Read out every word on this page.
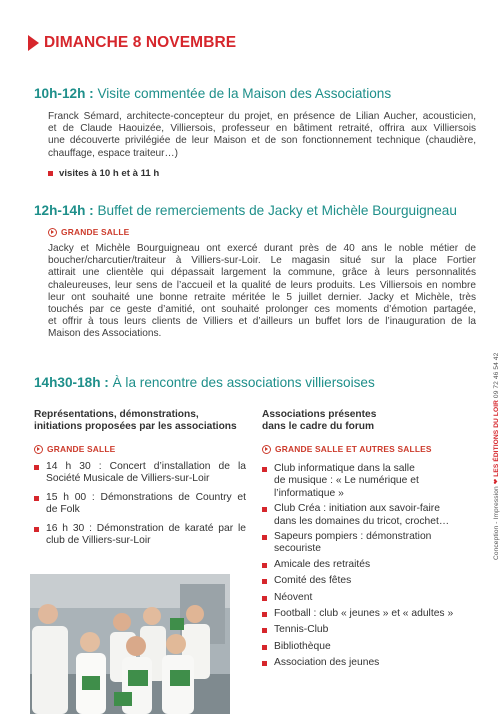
DIMANCHE 8 NOVEMBRE
10h-12h : Visite commentée de la Maison des Associations
Franck Sémard, architecte-concepteur du projet, en présence de Lilian Aucher, acousticien,
et de Claude Haouizée, Villiersois, professeur en bâtiment retraité, offrira aux Villiersois
une découverte privilégiée de leur Maison et de son fonctionnement technique (chaudière,
chauffage, espace traiteur…)
visites à 10 h et à 11 h
12h-14h : Buffet de remerciements de Jacky et Michèle Bourguigneau
GRANDE SALLE
Jacky et Michèle Bourguigneau ont exercé durant près de 40 ans le noble métier de
boucher/charcutier/traiteur à Villiers-sur-Loir. Le magasin situé sur la place Fortier
attirait une clientèle qui dépassait largement la commune, grâce à leurs personnalités
chaleureuses, leur sens de l’accueil et la qualité de leurs produits. Les Villiersois en nombre
leur ont souhaité une bonne retraite méritée le 5 juillet dernier. Jacky et Michèle, très
touchés par ce geste d’amitié, ont souhaité prolonger ces moments d’émotion partagée,
et offrir à tous leurs clients de Villiers et d’ailleurs un buffet lors de l’inauguration de la
Maison des Associations.
14h30-18h : À la rencontre des associations villiersoises
Représentations, démonstrations,
initiations proposées par les associations
GRANDE SALLE
14 h 30 : Concert d’installation de la
Société Musicale de Villiers-sur-Loir
15 h 00 : Démonstrations de Country et
de Folk
16 h 30 : Démonstration de karaté par le
club de Villiers-sur-Loir
Associations présentes
dans le cadre du forum
GRANDE SALLE ET AUTRES SALLES
Club informatique dans la salle
de musique : « Le numérique et
l’informatique »
Club Créa : initiation aux savoir-faire
dans les domaines du tricot, crochet…
Sapeurs pompiers : démonstration
secouriste
Amicale des retraités
Comité des fêtes
Néovent
Football : club « jeunes » et « adultes »
Tennis-Club
Bibliothèque
Association des jeunes
Conception - Impression ❤ LES ÉDITIONS DU LOIR 09 72 46 54 42
